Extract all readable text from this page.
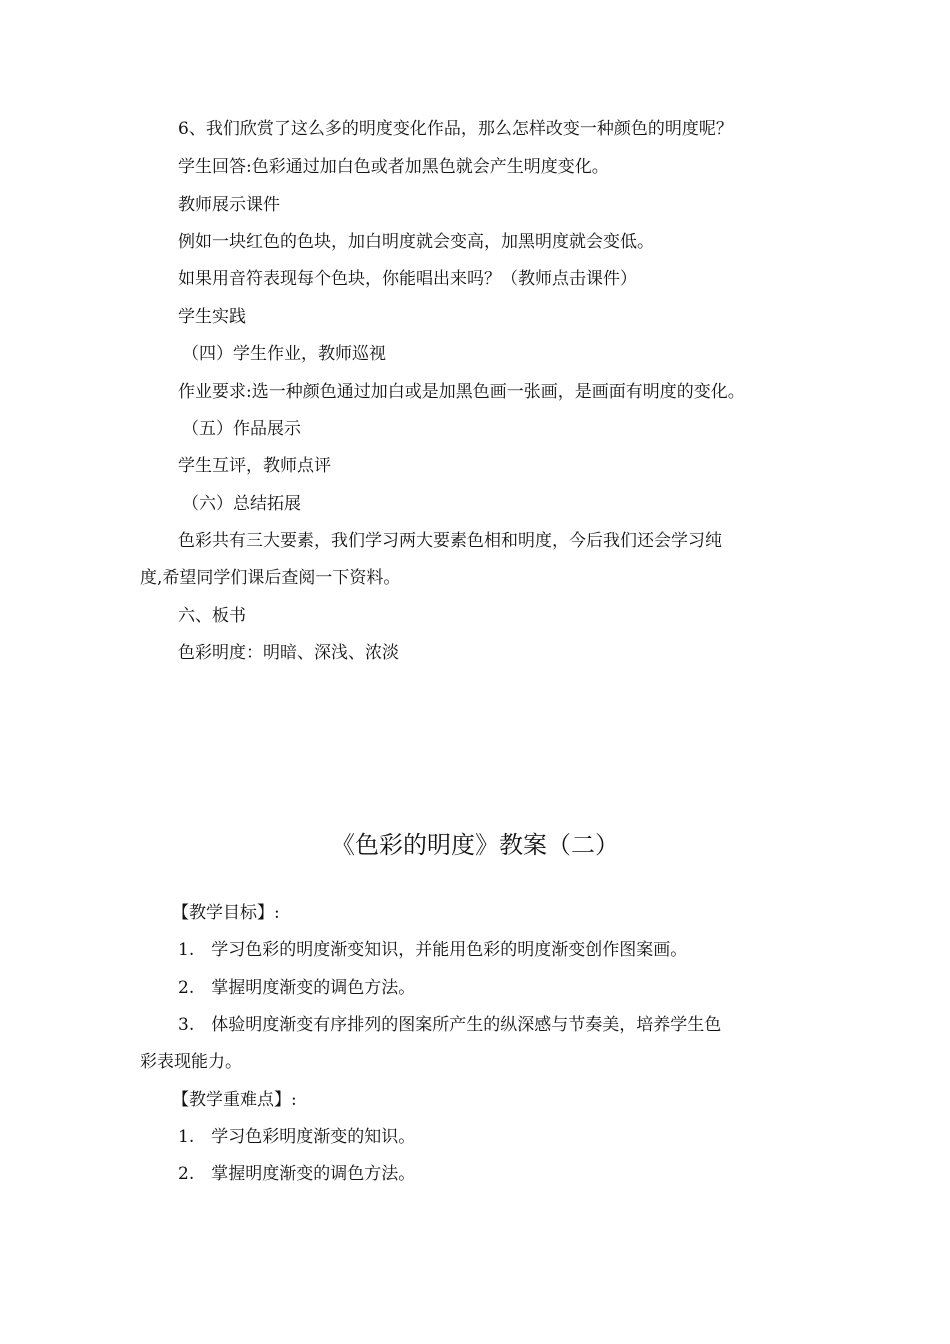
6、我们欣赏了这么多的明度变化作品，那么怎样改变一种颜色的明度呢？

学生回答:色彩通过加白色或者加黑色就会产生明度变化。

教师展示课件

例如一块红色的色块，加白明度就会变高，加黑明度就会变低。

如果用音符表现每个色块，你能唱出来吗？（教师点击课件）

学生实践

（四）学生作业，教师巡视

作业要求:选一种颜色通过加白或是加黑色画一张画，是画面有明度的变化。

（五）作品展示

学生互评，教师点评

（六）总结拓展

色彩共有三大要素，我们学习两大要素色相和明度，今后我们还会学习纯

度,希望同学们课后查阅一下资料。

六、板书

色彩明度：明暗、深浅、浓淡

《色彩的明度》教案（二）

【教学目标】:

1.　学习色彩的明度渐变知识，并能用色彩的明度渐变创作图案画。

2.　掌握明度渐变的调色方法。

3.　体验明度渐变有序排列的图案所产生的纵深感与节奏美，培养学生色

彩表现能力。

【教学重难点】:

1.　学习色彩明度渐变的知识。

2.　掌握明度渐变的调色方法。
